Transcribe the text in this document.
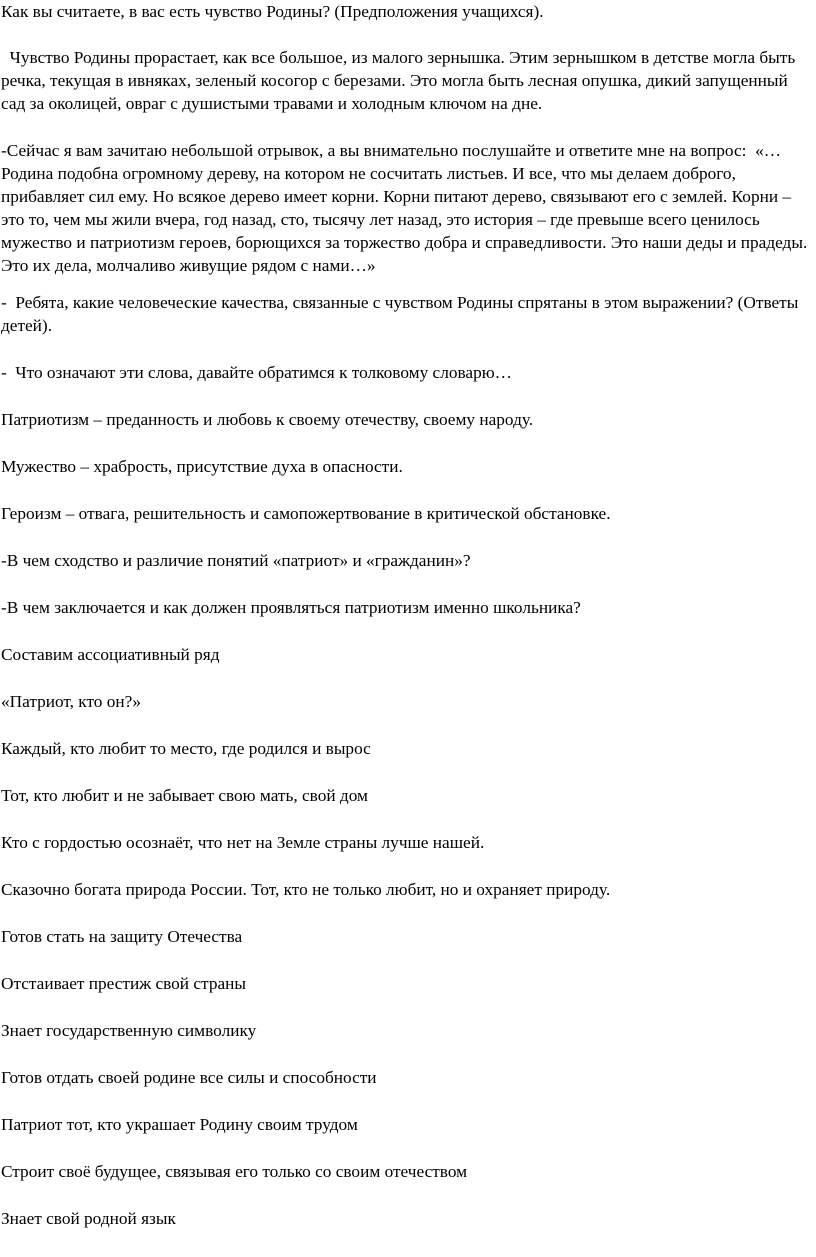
Как вы считаете, в вас есть чувство Родины? (Предположения учащихся).

Чувство Родины прорастает, как все большое, из малого зернышка. Этим зернышком в детстве могла быть речка, текущая в ивняках, зеленый косогор с березами. Это могла быть лесная опушка, дикий запущенный сад за околицей, овраг с душистыми травами и холодным ключом на дне.

-Сейчас я вам зачитаю небольшой отрывок, а вы внимательно послушайте и ответите мне на вопрос:  «…Родина подобна огромному дереву, на котором не сосчитать листьев. И все, что мы делаем доброго, прибавляет сил ему. Но всякое дерево имеет корни. Корни питают дерево, связывают его с землей. Корни – это то, чем мы жили вчера, год назад, сто, тысячу лет назад, это история – где превыше всего ценилось мужество и патриотизм героев, борющихся за торжество добра и справедливости. Это наши деды и прадеды. Это их дела, молчаливо живущие рядом с нами…»

-  Ребята, какие человеческие качества, связанные с чувством Родины спрятаны в этом выражении? (Ответы детей).

-  Что означают эти слова, давайте обратимся к толковому словарю…

Патриотизм – преданность и любовь к своему отечеству, своему народу.

Мужество – храбрость, присутствие духа в опасности.

Героизм – отвага, решительность и самопожертвование в критической обстановке.

-В чем сходство и различие понятий «патриот» и «гражданин»?

-В чем заключается и как должен проявляться патриотизм именно школьника?

Составим ассоциативный ряд

«Патриот, кто он?»

Каждый, кто любит то место, где родился и вырос

Тот, кто любит и не забывает свою мать, свой дом

Кто с гордостью осознаёт, что нет на Земле страны лучше нашей.

Сказочно богата природа России. Тот, кто не только любит, но и охраняет природу.

Готов стать на защиту Отечества

Отстаивает престиж свой страны

Знает государственную символику

Готов отдать своей родине все силы и способности

Патриот тот, кто украшает Родину своим трудом

Строит своё будущее, связывая его только со своим отечеством

Знает свой родной язык
